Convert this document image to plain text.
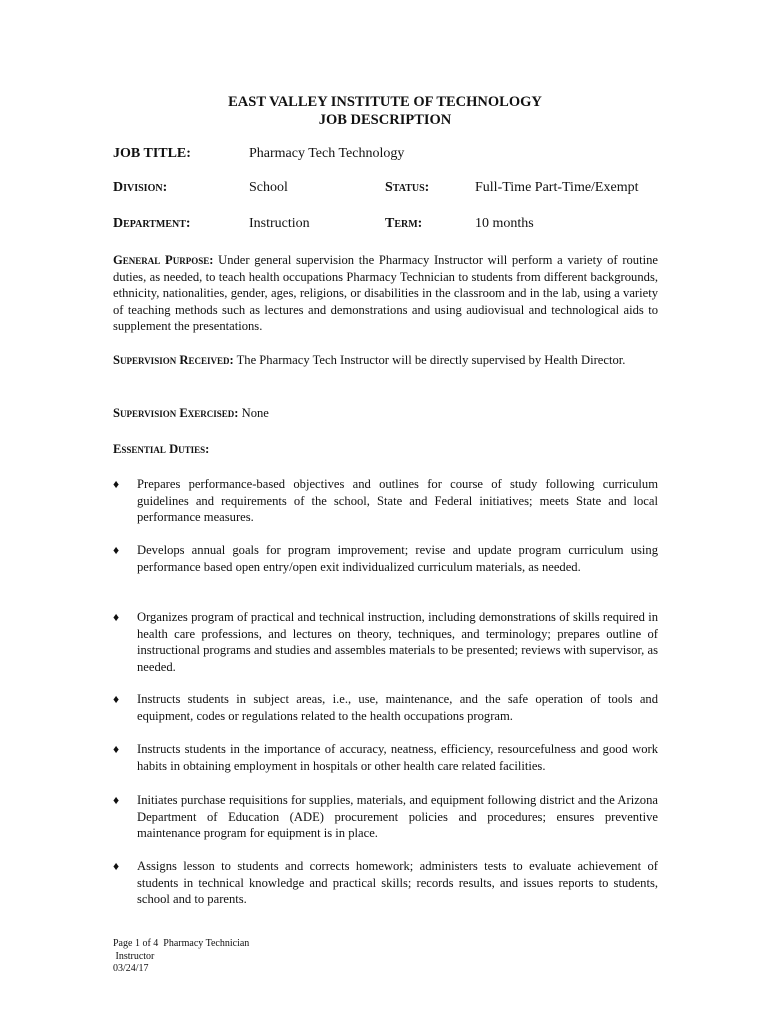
EAST VALLEY INSTITUTE OF TECHNOLOGY
JOB DESCRIPTION
JOB TITLE:	Pharmacy Tech Technology
Division:	School	Status:	Full-Time Part-Time/Exempt
Department:	Instruction	Term:	10 months
General Purpose: Under general supervision the Pharmacy Instructor will perform a variety of routine duties, as needed, to teach health occupations Pharmacy Technician to students from different backgrounds, ethnicity, nationalities, gender, ages, religions, or disabilities in the classroom and in the lab, using a variety of teaching methods such as lectures and demonstrations and using audiovisual and technological aids to supplement the presentations.
Supervision Received: The Pharmacy Tech Instructor will be directly supervised by Health Director.
Supervision Exercised: None
Essential Duties:
♦	Prepares performance-based objectives and outlines for course of study following curriculum guidelines and requirements of the school, State and Federal initiatives; meets State and local performance measures.
♦	Develops annual goals for program improvement; revise and update program curriculum using performance based open entry/open exit individualized curriculum materials, as needed.
♦	Organizes program of practical and technical instruction, including demonstrations of skills required in health care professions, and lectures on theory, techniques, and terminology; prepares outline of instructional programs and studies and assembles materials to be presented; reviews with supervisor, as needed.
♦	Instructs students in subject areas, i.e., use, maintenance, and the safe operation of tools and equipment, codes or regulations related to the health occupations program.
♦	Instructs students in the importance of accuracy, neatness, efficiency, resourcefulness and good work habits in obtaining employment in hospitals or other health care related facilities.
♦	Initiates purchase requisitions for supplies, materials, and equipment following district and the Arizona Department of Education (ADE) procurement policies and procedures; ensures preventive maintenance program for equipment is in place.
♦	Assigns lesson to students and corrects homework; administers tests to evaluate achievement of students in technical knowledge and practical skills; records results, and issues reports to students, school and to parents.
Page 1 of 4  Pharmacy Technician
Instructor
03/24/17
